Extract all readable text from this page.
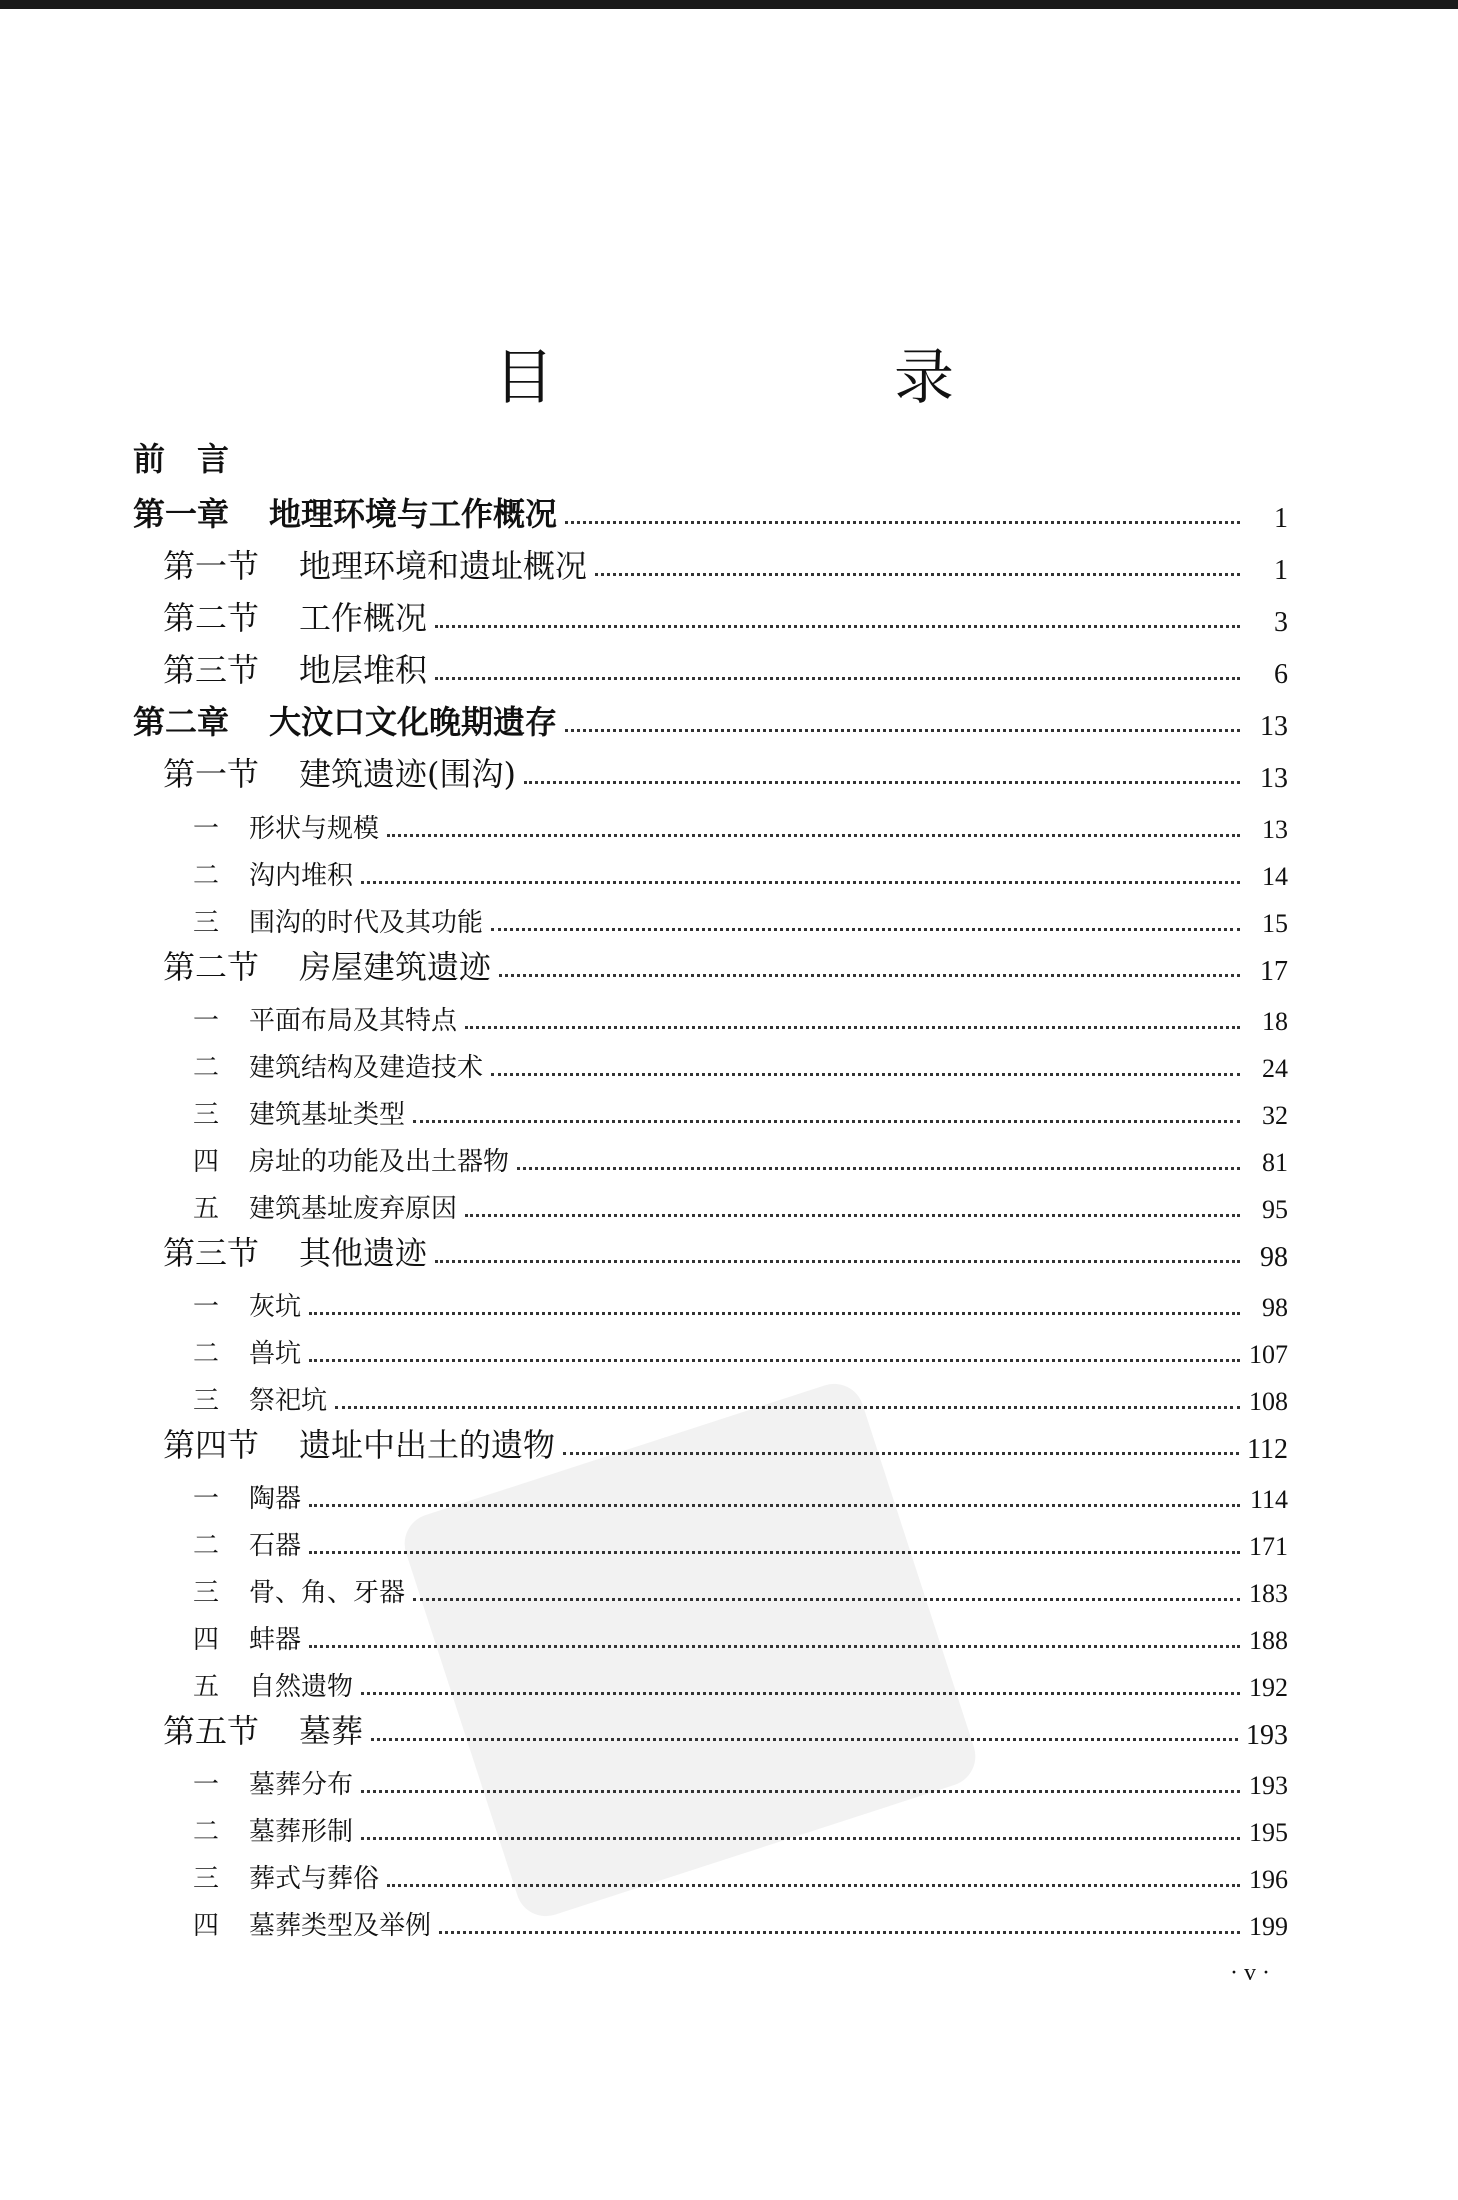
目　录
前　言
第一章 地理环境与工作概况	1
第一节 地理环境和遗址概况	1
第二节 工作概况	3
第三节 地层堆积	6
第二章 大汶口文化晚期遗存	13
第一节 建筑遗迹(围沟)	13
一 形状与规模	13
二 沟内堆积	14
三 围沟的时代及其功能	15
第二节 房屋建筑遗迹	17
一 平面布局及其特点	18
二 建筑结构及建造技术	24
三 建筑基址类型	32
四 房址的功能及出土器物	81
五 建筑基址废弃原因	95
第三节 其他遗迹	98
一 灰坑	98
二 兽坑	107
三 祭祀坑	108
第四节 遗址中出土的遗物	112
一 陶器	114
二 石器	171
三 骨、角、牙器	183
四 蚌器	188
五 自然遗物	192
第五节 墓葬	193
一 墓葬分布	193
二 墓葬形制	195
三 葬式与葬俗	196
四 墓葬类型及举例	199
· v ·
